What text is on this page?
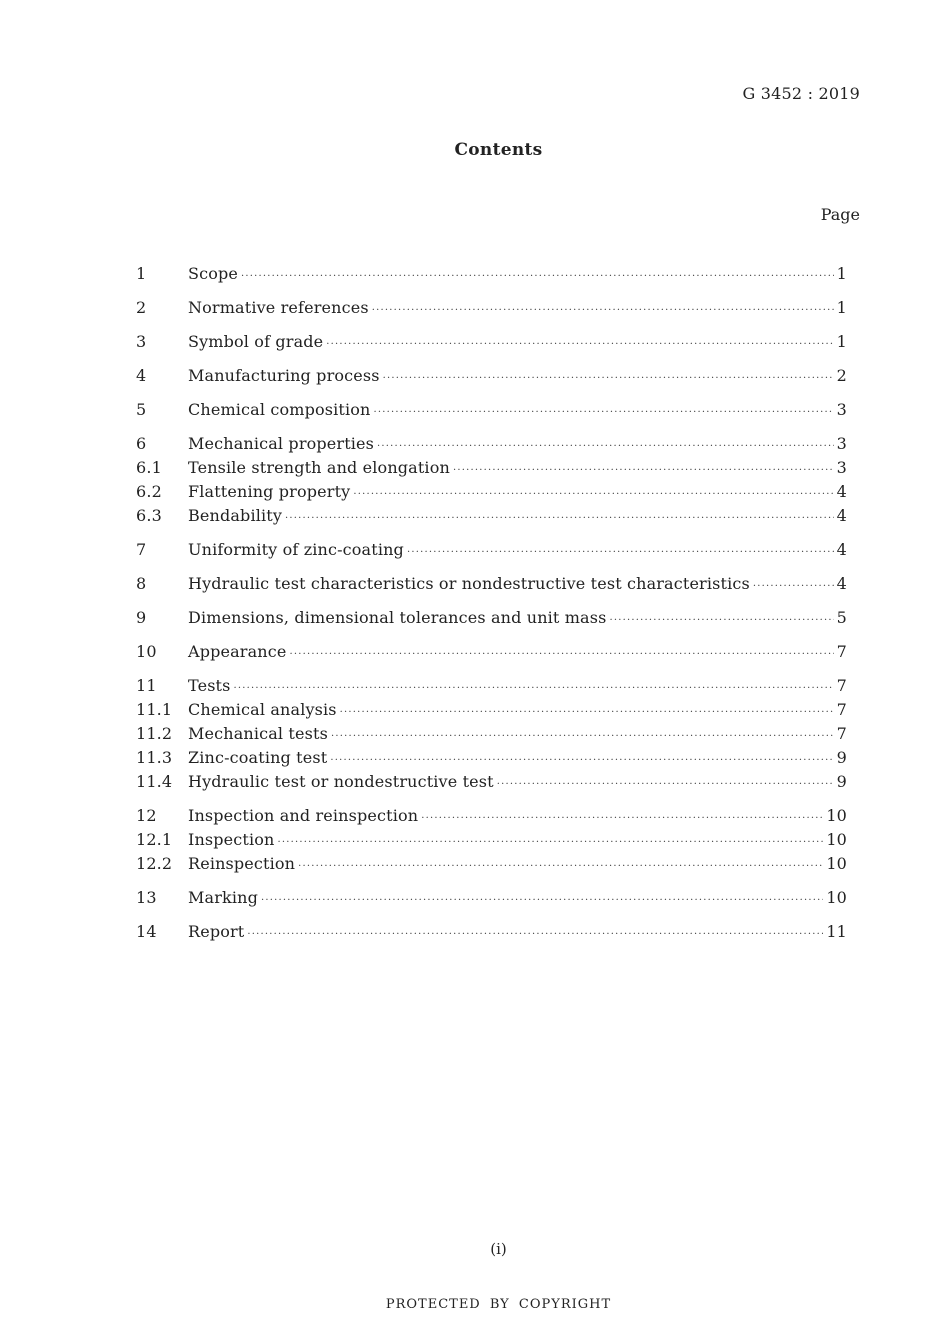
G 3452 : 2019
Contents
Page
1	Scope ·····	1
2	Normative references ·····	1
3	Symbol of grade ·····	1
4	Manufacturing process ·····	2
5	Chemical composition ·····	3
6	Mechanical properties ·····	3
6.1	Tensile strength and elongation ·····	3
6.2	Flattening property ·····	4
6.3	Bendability ·····	4
7	Uniformity of zinc-coating ·····	4
8	Hydraulic test characteristics or nondestructive test characteristics ·····	4
9	Dimensions, dimensional tolerances and unit mass ·····	5
10	Appearance ·····	7
11	Tests ·····	7
11.1 Chemical analysis ·····	7
11.2 Mechanical tests ·····	7
11.3 Zinc-coating test ·····	9
11.4 Hydraulic test or nondestructive test ·····	9
12	Inspection and reinspection ·····	10
12.1 Inspection ·····	10
12.2 Reinspection ·····	10
13	Marking ·····	10
14	Report ·····	11
(i)
PROTECTED BY COPYRIGHT
